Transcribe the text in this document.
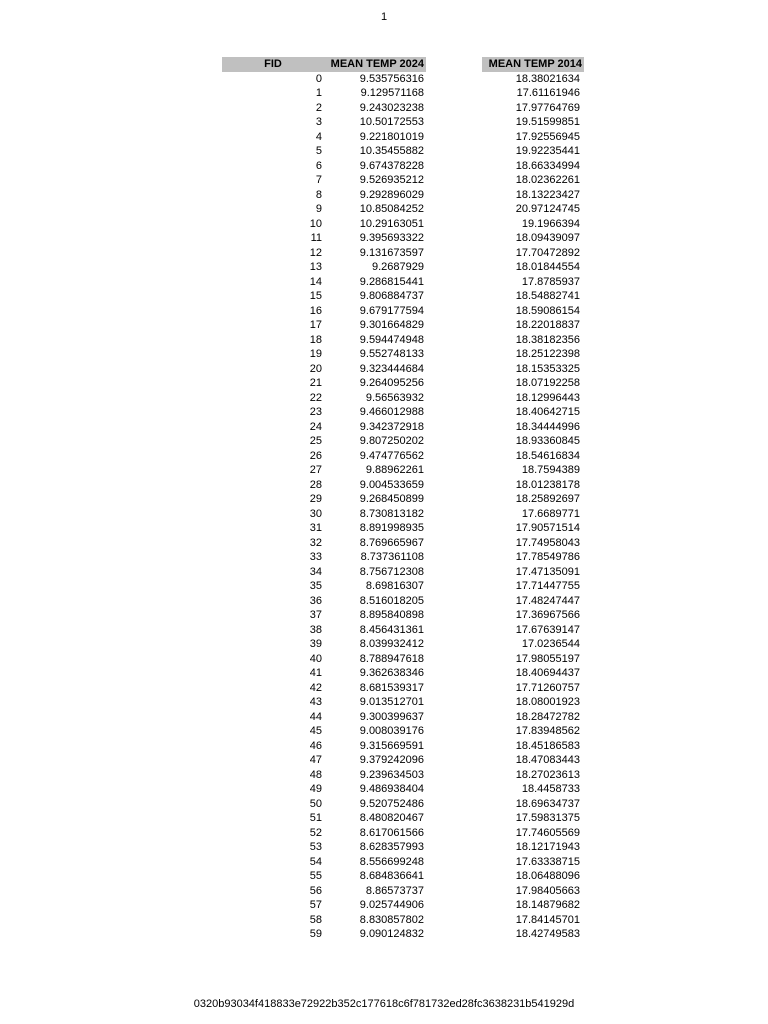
1
FID	MEAN TEMP 2024	MEAN TEMP 2014
0	9.535756316	18.38021634
1	9.129571168	17.61161946
2	9.243023238	17.97764769
3	10.50172553	19.51599851
4	9.221801019	17.92556945
5	10.35455882	19.92235441
6	9.674378228	18.66334994
7	9.526935212	18.02362261
8	9.292896029	18.13223427
9	10.85084252	20.97124745
10	10.29163051	19.1966394
11	9.395693322	18.09439097
12	9.131673597	17.70472892
13	9.2687929	18.01844554
14	9.286815441	17.8785937
15	9.806884737	18.54882741
16	9.679177594	18.59086154
17	9.301664829	18.22018837
18	9.594474948	18.38182356
19	9.552748133	18.25122398
20	9.323444684	18.15353325
21	9.264095256	18.07192258
22	9.56563932	18.12996443
23	9.466012988	18.40642715
24	9.342372918	18.34444996
25	9.807250202	18.93360845
26	9.474776562	18.54616834
27	9.88962261	18.7594389
28	9.004533659	18.01238178
29	9.268450899	18.25892697
30	8.730813182	17.6689771
31	8.891998935	17.90571514
32	8.769665967	17.74958043
33	8.737361108	17.78549786
34	8.756712308	17.47135091
35	8.69816307	17.71447755
36	8.516018205	17.48247447
37	8.895840898	17.36967566
38	8.456431361	17.67639147
39	8.039932412	17.0236544
40	8.788947618	17.98055197
41	9.362638346	18.40694437
42	8.681539317	17.71260757
43	9.013512701	18.08001923
44	9.300399637	18.28472782
45	9.008039176	17.83948562
46	9.315669591	18.45186583
47	9.379242096	18.47083443
48	9.239634503	18.27023613
49	9.486938404	18.4458733
50	9.520752486	18.69634737
51	8.480820467	17.59831375
52	8.617061566	17.74605569
53	8.628357993	18.12171943
54	8.556699248	17.63338715
55	8.684836641	18.06488096
56	8.86573737	17.98405663
57	9.025744906	18.14879682
58	8.830857802	17.84145701
59	9.090124832	18.42749583
0320b93034f418833e72922b352c177618c6f781732ed28fc3638231b541929d
